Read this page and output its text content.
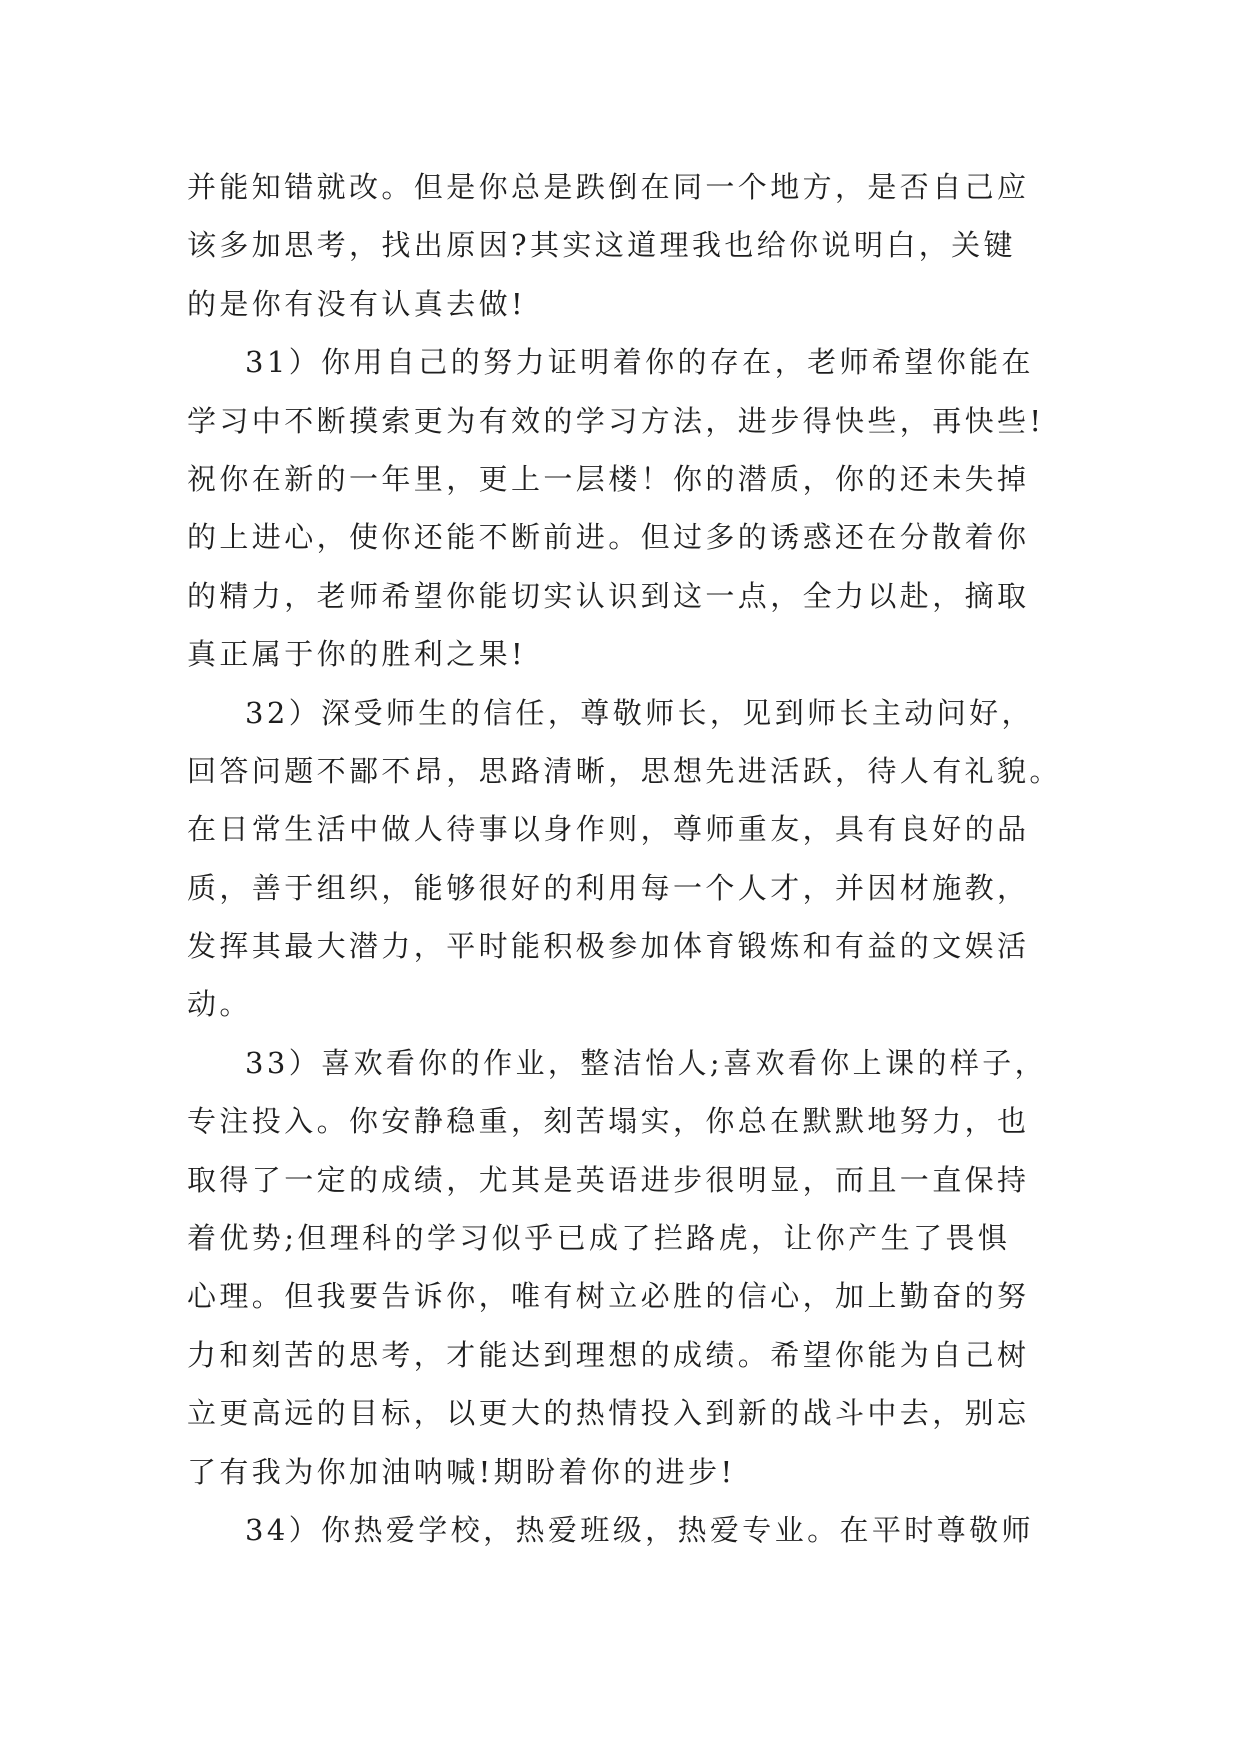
并能知错就改。但是你总是跌倒在同一个地方，是否自己应
该多加思考，找出原因?其实这道理我也给你说明白，关键
的是你有没有认真去做!
31）你用自己的努力证明着你的存在，老师希望你能在
学习中不断摸索更为有效的学习方法，进步得快些，再快些!
祝你在新的一年里，更上一层楼！你的潜质，你的还未失掉
的上进心，使你还能不断前进。但过多的诱惑还在分散着你
的精力，老师希望你能切实认识到这一点，全力以赴，摘取
真正属于你的胜利之果!
32）深受师生的信任，尊敬师长，见到师长主动问好，
回答问题不鄙不昂，思路清晰，思想先进活跃，待人有礼貌。
在日常生活中做人待事以身作则，尊师重友，具有良好的品
质，善于组织，能够很好的利用每一个人才，并因材施教，
发挥其最大潜力，平时能积极参加体育锻炼和有益的文娱活
动。
33）喜欢看你的作业，整洁怡人;喜欢看你上课的样子，
专注投入。你安静稳重，刻苦塌实，你总在默默地努力，也
取得了一定的成绩，尤其是英语进步很明显，而且一直保持
着优势;但理科的学习似乎已成了拦路虎，让你产生了畏惧
心理。但我要告诉你，唯有树立必胜的信心，加上勤奋的努
力和刻苦的思考，才能达到理想的成绩。希望你能为自己树
立更高远的目标，以更大的热情投入到新的战斗中去，别忘
了有我为你加油呐喊!期盼着你的进步!
34）你热爱学校，热爱班级，热爱专业。在平时尊敬师
